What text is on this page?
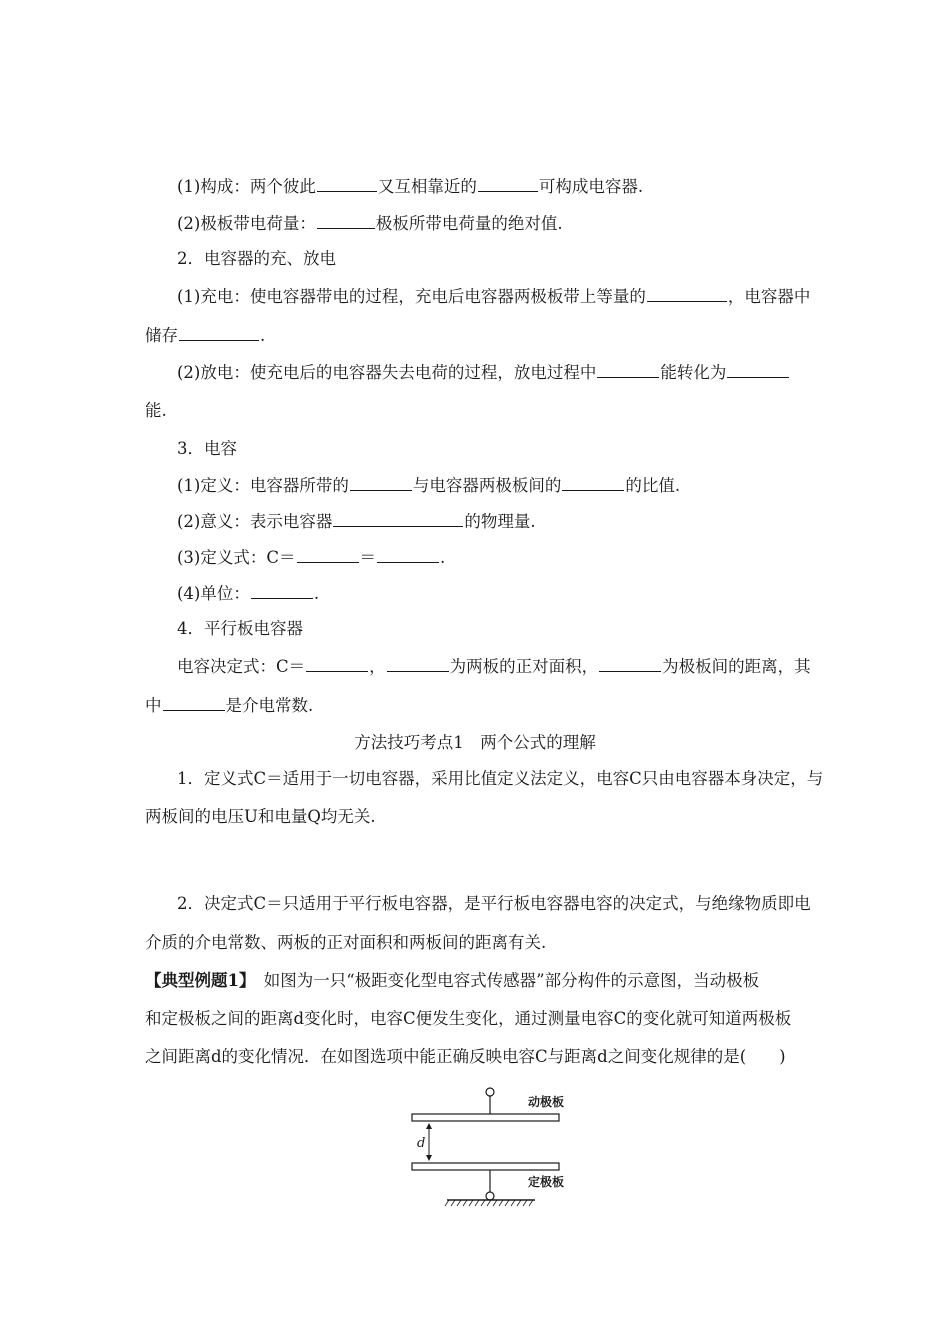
(1)构成：两个彼此	又互相靠近的	可构成电容器.
(2)极板带电荷量：	极板所带电荷量的绝对值.
2．电容器的充、放电
(1)充电：使电容器带电的过程，充电后电容器两极板带上等量的	，电容器中
储存	.
(2)放电：使充电后的电容器失去电荷的过程，放电过程中	能转化为
能.
3．电容
(1)定义：电容器所带的	与电容器两极板间的	的比值.
(2)意义：表示电容器	的物理量.
(3)定义式：C＝	＝	.
(4)单位：	.
4．平行板电容器
电容决定式：C＝	，	为两板的正对面积，	为极板间的距离，其
中	是介电常数.
方法技巧考点1　两个公式的理解
1．定义式C＝适用于一切电容器，采用比值定义法定义，电容C只由电容器本身决定，与
两板间的电压U和电量Q均无关.
2．决定式C＝只适用于平行板电容器，是平行板电容器电容的决定式，与绝缘物质即电
介质的介电常数、两板的正对面积和两板间的距离有关.
【典型例题1】　如图为一只“极距变化型电容式传感器”部分构件的示意图，当动极板
和定极板之间的距离d变化时，电容C便发生变化，通过测量电容C的变化就可知道两极板
之间距离d的变化情况．在如图选项中能正确反映电容C与距离d之间变化规律的是(　　)
动极板
d
定极板
